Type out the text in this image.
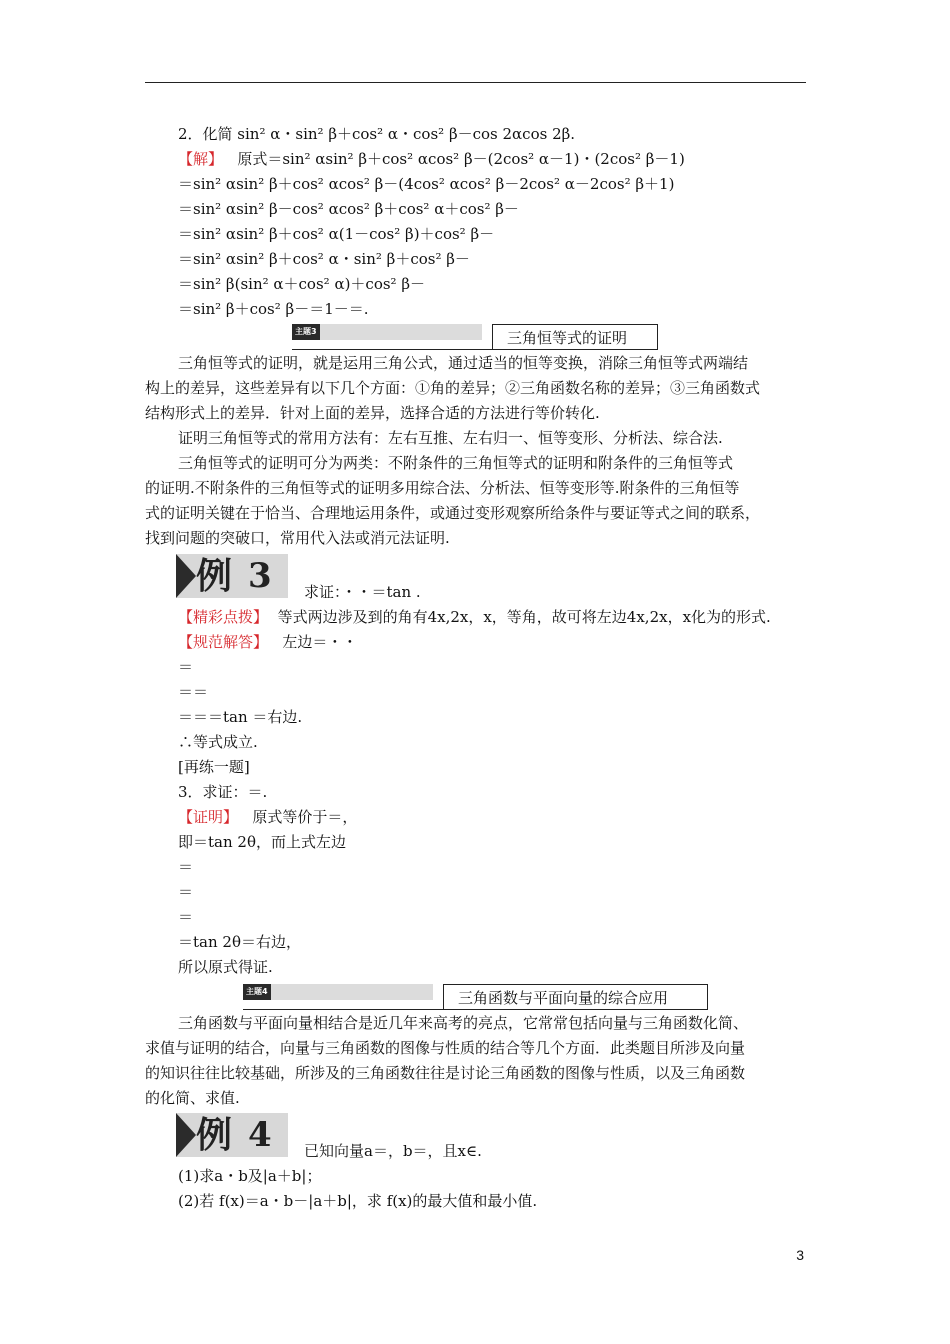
2．化简 sin² α・sin² β＋cos² α・cos² β－cos 2αcos 2β.
【解】 原式＝sin² αsin² β＋cos² αcos² β－(2cos² α－1)・(2cos² β－1)
＝sin² αsin² β＋cos² αcos² β－(4cos² αcos² β－2cos² α－2cos² β＋1)
＝sin² αsin² β－cos² αcos² β＋cos² α＋cos² β－
＝sin² αsin² β＋cos² α(1－cos² β)＋cos² β－
＝sin² αsin² β＋cos² α・sin² β＋cos² β－
＝sin² β(sin² α＋cos² α)＋cos² β－
＝sin² β＋cos² β－＝1－＝.
主题3	三角恒等式的证明
三角恒等式的证明，就是运用三角公式，通过适当的恒等变换，消除三角恒等式两端结
构上的差异，这些差异有以下几个方面：①角的差异；②三角函数名称的差异；③三角函数式
结构形式上的差异．针对上面的差异，选择合适的方法进行等价转化.
证明三角恒等式的常用方法有：左右互推、左右归一、恒等变形、分析法、综合法.
三角恒等式的证明可分为两类：不附条件的三角恒等式的证明和附条件的三角恒等式
的证明.不附条件的三角恒等式的证明多用综合法、分析法、恒等变形等.附条件的三角恒等
式的证明关键在于恰当、合理地运用条件，或通过变形观察所给条件与要证等式之间的联系，
找到问题的突破口，常用代入法或消元法证明.
例 3 求证：・・＝tan .
【精彩点拨】 等式两边涉及到的角有4x,2x，x，等角，故可将左边4x,2x，x化为的形式.
【规范解答】 左边＝・・
＝
＝＝
＝＝＝tan ＝右边.
∴等式成立.
[再练一题]
3．求证：＝.
【证明】 原式等价于＝，
即＝tan 2θ，而上式左边
＝
＝
＝
＝tan 2θ＝右边，
所以原式得证.
主题4	三角函数与平面向量的综合应用
三角函数与平面向量相结合是近几年来高考的亮点，它常常包括向量与三角函数化简、
求值与证明的结合，向量与三角函数的图像与性质的结合等几个方面．此类题目所涉及向量
的知识往往比较基础，所涉及的三角函数往往是讨论三角函数的图像与性质，以及三角函数
的化简、求值.
例 4 已知向量a＝，b＝，且x∈.
(1)求a・b及|a＋b|；
(2)若 f(x)＝a・b－|a＋b|，求 f(x)的最大值和最小值.
3
